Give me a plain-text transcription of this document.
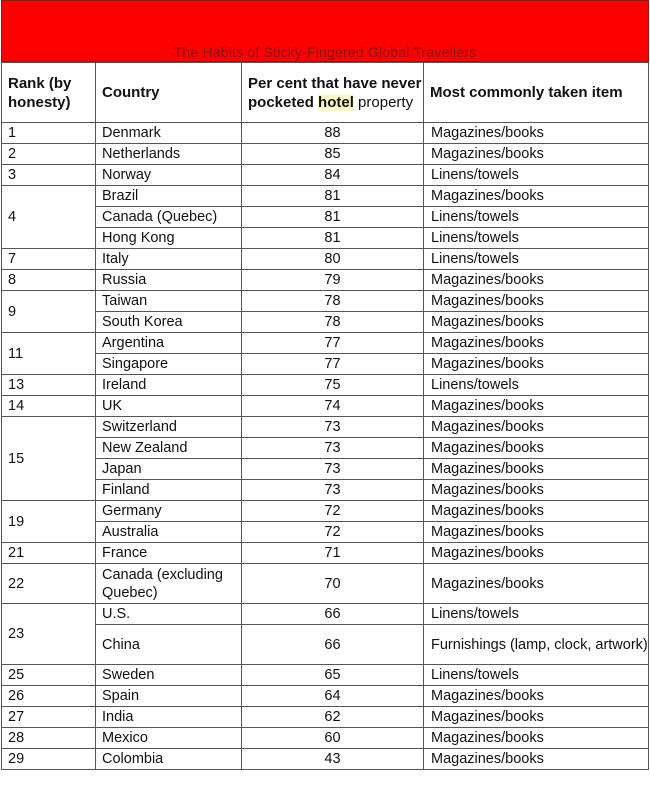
The Habits of Sticky-Fingered Global Travellers
Rank (by honesty)	Country	Per cent that have never pocketed hotel property	Most commonly taken item
1	Denmark	88	Magazines/books
2	Netherlands	85	Magazines/books
3	Norway	84	Linens/towels
4	Brazil	81	Magazines/books
	Canada (Quebec)	81	Linens/towels
	Hong Kong	81	Linens/towels
7	Italy	80	Linens/towels
8	Russia	79	Magazines/books
9	Taiwan	78	Magazines/books
	South Korea	78	Magazines/books
11	Argentina	77	Magazines/books
	Singapore	77	Magazines/books
13	Ireland	75	Linens/towels
14	UK	74	Magazines/books
15	Switzerland	73	Magazines/books
	New Zealand	73	Magazines/books
	Japan	73	Magazines/books
	Finland	73	Magazines/books
19	Germany	72	Magazines/books
	Australia	72	Magazines/books
21	France	71	Magazines/books
22	Canada (excluding Quebec)	70	Magazines/books
23	U.S.	66	Linens/towels
	China	66	Furnishings (lamp, clock, artwork)
25	Sweden	65	Linens/towels
26	Spain	64	Magazines/books
27	India	62	Magazines/books
28	Mexico	60	Magazines/books
29	Colombia	43	Magazines/books
